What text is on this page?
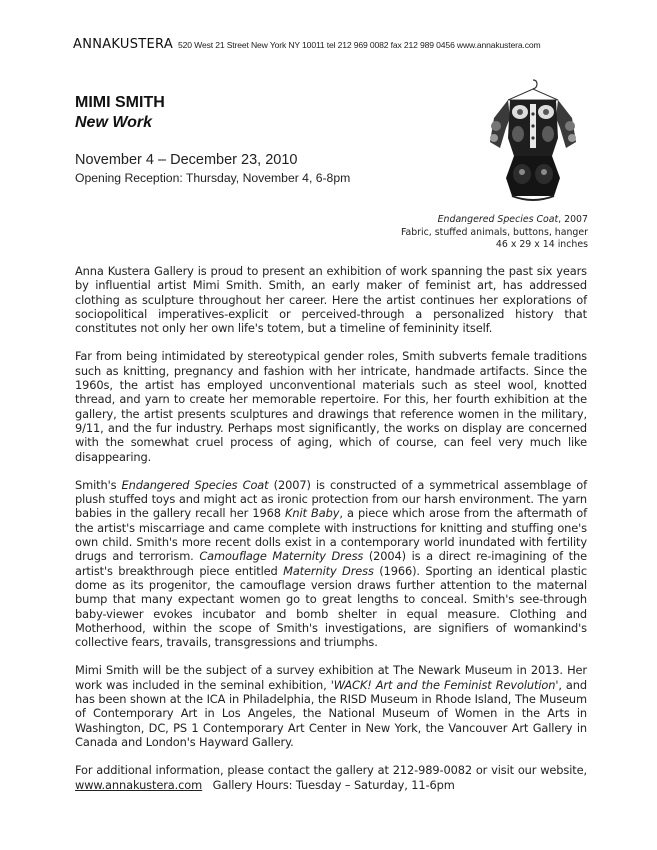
ANNAKUSTERA 520 West 21 Street New York NY 10011 tel 212 969 0082 fax 212 989 0456 www.annakustera.com
MIMI SMITH
New Work
November 4 – December 23, 2010
Opening Reception: Thursday, November 4, 6-8pm
Endangered Species Coat, 2007
Fabric, stuffed animals, buttons, hanger
46 x 29 x 14 inches

Anna Kustera Gallery is proud to present an exhibition of work spanning the past six years by influential artist Mimi Smith. Smith, an early maker of feminist art, has addressed clothing as sculpture throughout her career. Here the artist continues her explorations of sociopolitical imperatives-explicit or perceived-through a personalized history that constitutes not only her own life's totem, but a timeline of femininity itself.

Far from being intimidated by stereotypical gender roles, Smith subverts female traditions such as knitting, pregnancy and fashion with her intricate, handmade artifacts. Since the 1960s, the artist has employed unconventional materials such as steel wool, knotted thread, and yarn to create her memorable repertoire. For this, her fourth exhibition at the gallery, the artist presents sculptures and drawings that reference women in the military, 9/11, and the fur industry. Perhaps most significantly, the works on display are concerned with the somewhat cruel process of aging, which of course, can feel very much like disappearing.

Smith's Endangered Species Coat (2007) is constructed of a symmetrical assemblage of plush stuffed toys and might act as ironic protection from our harsh environment. The yarn babies in the gallery recall her 1968 Knit Baby, a piece which arose from the aftermath of the artist's miscarriage and came complete with instructions for knitting and stuffing one's own child. Smith's more recent dolls exist in a contemporary world inundated with fertility drugs and terrorism. Camouflage Maternity Dress (2004) is a direct re-imagining of the artist's breakthrough piece entitled Maternity Dress (1966). Sporting an identical plastic dome as its progenitor, the camouflage version draws further attention to the maternal bump that many expectant women go to great lengths to conceal. Smith's see-through baby-viewer evokes incubator and bomb shelter in equal measure. Clothing and Motherhood, within the scope of Smith's investigations, are signifiers of womankind's collective fears, travails, transgressions and triumphs.

Mimi Smith will be the subject of a survey exhibition at The Newark Museum in 2013. Her work was included in the seminal exhibition, 'WACK! Art and the Feminist Revolution', and has been shown at the ICA in Philadelphia, the RISD Museum in Rhode Island, The Museum of Contemporary Art in Los Angeles, the National Museum of Women in the Arts in Washington, DC, PS 1 Contemporary Art Center in New York, the Vancouver Art Gallery in Canada and London's Hayward Gallery.

For additional information, please contact the gallery at 212-989-0082 or visit our website, www.annakustera.com   Gallery Hours: Tuesday – Saturday, 11-6pm
